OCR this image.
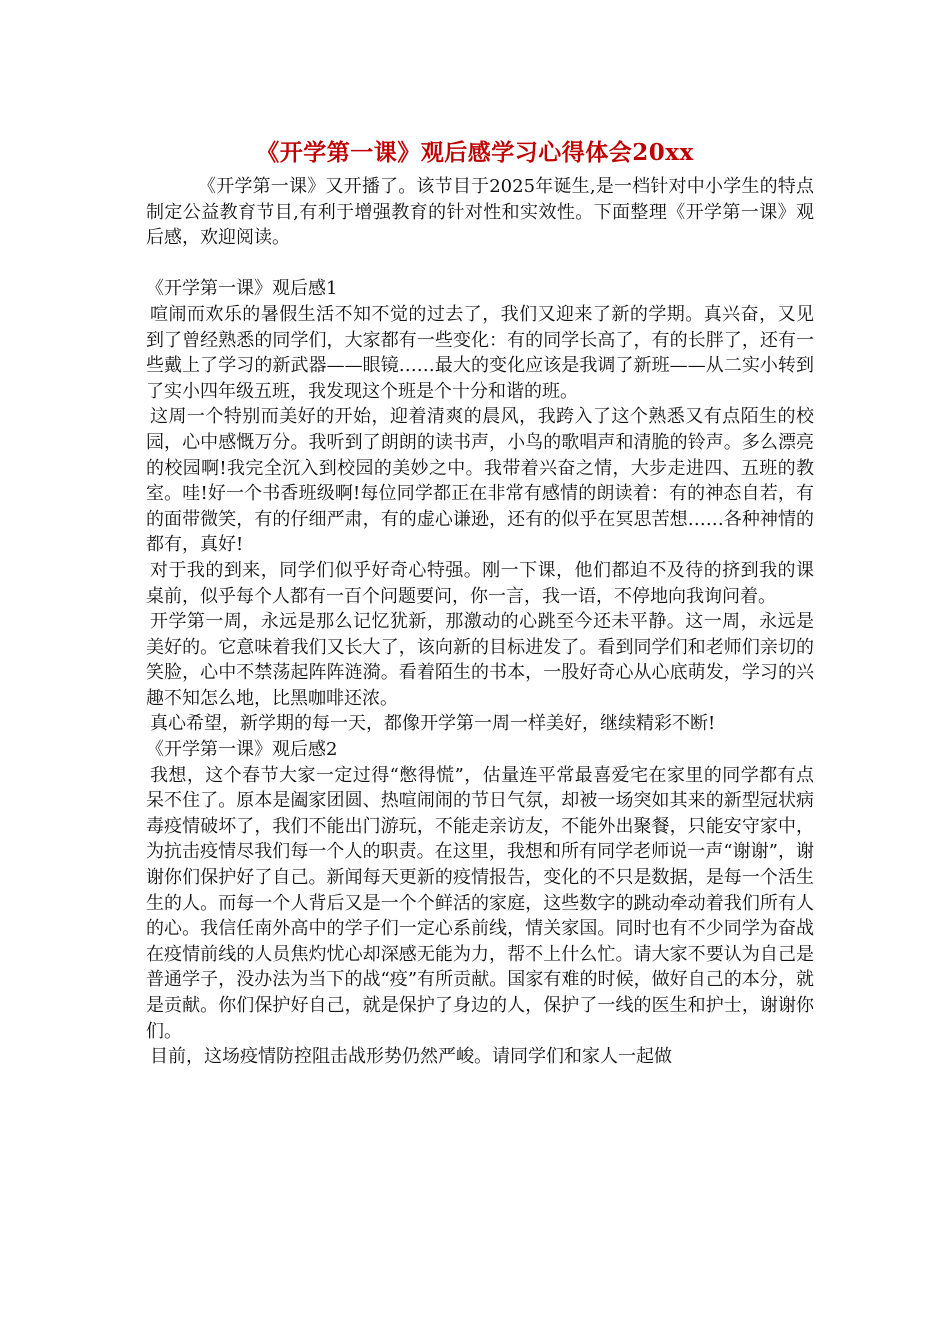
《开学第一课》观后感学习心得体会20xx

《开学第一课》又开播了。该节目于2025年诞生,是一档针对中小学生的特点制定公益教育节目,有利于增强教育的针对性和实效性。下面整理《开学第一课》观后感，欢迎阅读。

《开学第一课》观后感1

喧闹而欢乐的暑假生活不知不觉的过去了，我们又迎来了新的学期。真兴奋，又见到了曾经熟悉的同学们，大家都有一些变化：有的同学长高了，有的长胖了，还有一些戴上了学习的新武器——眼镜……最大的变化应该是我调了新班——从二实小转到了实小四年级五班，我发现这个班是个十分和谐的班。

这周一个特别而美好的开始，迎着清爽的晨风，我跨入了这个熟悉又有点陌生的校园，心中感慨万分。我听到了朗朗的读书声，小鸟的歌唱声和清脆的铃声。多么漂亮的校园啊!我完全沉入到校园的美妙之中。我带着兴奋之情，大步走进四、五班的教室。哇!好一个书香班级啊!每位同学都正在非常有感情的朗读着：有的神态自若，有的面带微笑，有的仔细严肃，有的虚心谦逊，还有的似乎在冥思苦想……各种神情的都有，真好!

对于我的到来，同学们似乎好奇心特强。刚一下课，他们都迫不及待的挤到我的课桌前，似乎每个人都有一百个问题要问，你一言，我一语，不停地向我询问着。

开学第一周，永远是那么记忆犹新，那激动的心跳至今还未平静。这一周，永远是美好的。它意味着我们又长大了，该向新的目标进发了。看到同学们和老师们亲切的笑脸，心中不禁荡起阵阵涟漪。看着陌生的书本，一股好奇心从心底萌发，学习的兴趣不知怎么地，比黑咖啡还浓。

真心希望，新学期的每一天，都像开学第一周一样美好，继续精彩不断!

《开学第一课》观后感2

我想，这个春节大家一定过得“憋得慌”，估量连平常最喜爱宅在家里的同学都有点呆不住了。原本是阖家团圆、热喧闹闹的节日气氛，却被一场突如其来的新型冠状病毒疫情破坏了，我们不能出门游玩，不能走亲访友，不能外出聚餐，只能安守家中，为抗击疫情尽我们每一个人的职责。在这里，我想和所有同学老师说一声“谢谢”，谢谢你们保护好了自己。新闻每天更新的疫情报告，变化的不只是数据，是每一个活生生的人。而每一个人背后又是一个个鲜活的家庭，这些数字的跳动牵动着我们所有人的心。我信任南外高中的学子们一定心系前线，情关家国。同时也有不少同学为奋战在疫情前线的人员焦灼忧心却深感无能为力，帮不上什么忙。请大家不要认为自己是普通学子，没办法为当下的战“疫”有所贡献。国家有难的时候，做好自己的本分，就是贡献。你们保护好自己，就是保护了身边的人，保护了一线的医生和护士，谢谢你们。

目前，这场疫情防控阻击战形势仍然严峻。请同学们和家人一起做
